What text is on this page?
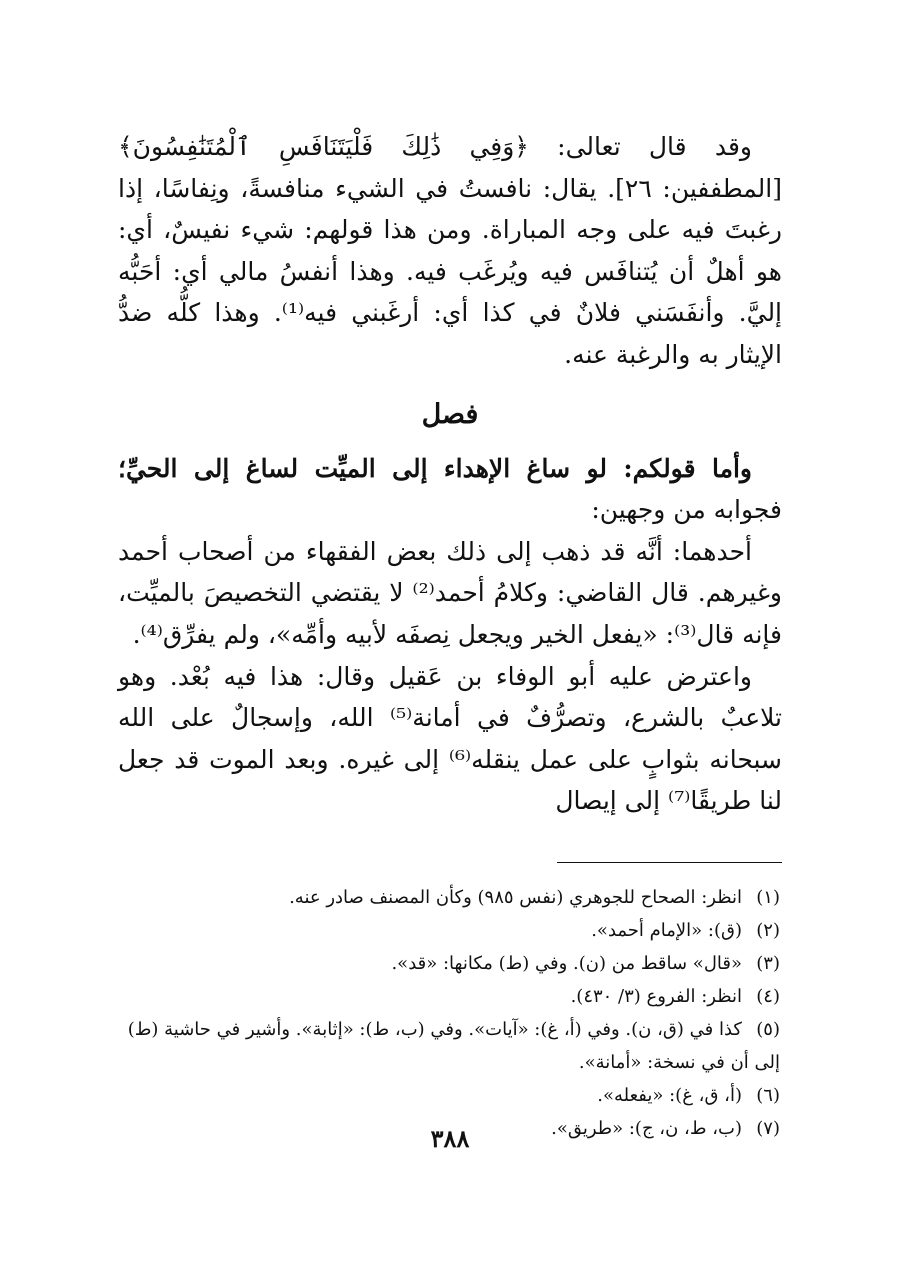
وقد قال تعالى: ﴿وَفِي ذَٰلِكَ فَلْيَتَنَافَسِ ٱلْمُتَنَٰفِسُونَ﴾ [المطففين: ٢٦]. يقال: نافستُ في الشيء منافسةً، ونِفاسًا، إذا رغبتَ فيه على وجه المباراة. ومن هذا قولهم: شيء نفيسٌ، أي: هو أهلٌ أن يُتنافَس فيه ويُرغَب فيه. وهذا أنفسُ مالي أي: أحَبُّه إليَّ. وأنفَسَني فلانٌ في كذا أي: أرغَبني فيه⁽¹⁾. وهذا كلُّه ضدُّ الإيثار به والرغبة عنه.

فصل

وأما قولكم: لو ساغ الإهداء إلى الميِّت لساغ إلى الحيِّ؛ فجوابه من وجهين:

أحدهما: أنَّه قد ذهب إلى ذلك بعض الفقهاء من أصحاب أحمد وغيرهم. قال القاضي: وكلامُ أحمد⁽²⁾ لا يقتضي التخصيصَ بالميِّت، فإنه قال⁽³⁾: «يفعل الخير ويجعل نِصفَه لأبيه وأمِّه»، ولم يفرِّق⁽⁴⁾.

واعترض عليه أبو الوفاء بن عَقيل وقال: هذا فيه بُعْد. وهو تلاعبٌ بالشرع، وتصرُّفٌ في أمانة⁽⁵⁾ الله، وإسجالٌ على الله سبحانه بثوابٍ على عمل ينقله⁽⁶⁾ إلى غيره. وبعد الموت قد جعل لنا طريقًا⁽⁷⁾ إلى إيصال

(١)انظر: الصحاح للجوهري (نفس ٩٨٥) وكأن المصنف صادر عنه.

(٢)(ق): «الإمام أحمد».

(٣)«قال» ساقط من (ن). وفي (ط) مكانها: «قد».

(٤)انظر: الفروع (٣/ ٤٣٠).

(٥)كذا في (ق، ن). وفي (أ، غ): «آيات». وفي (ب، ط): «إثابة». وأشير في حاشية (ط)

إلى أن في نسخة: «أمانة».

(٦)(أ، ق، غ): «يفعله».

(٧)(ب، ط، ن، ج): «طريق».

٣٨٨
